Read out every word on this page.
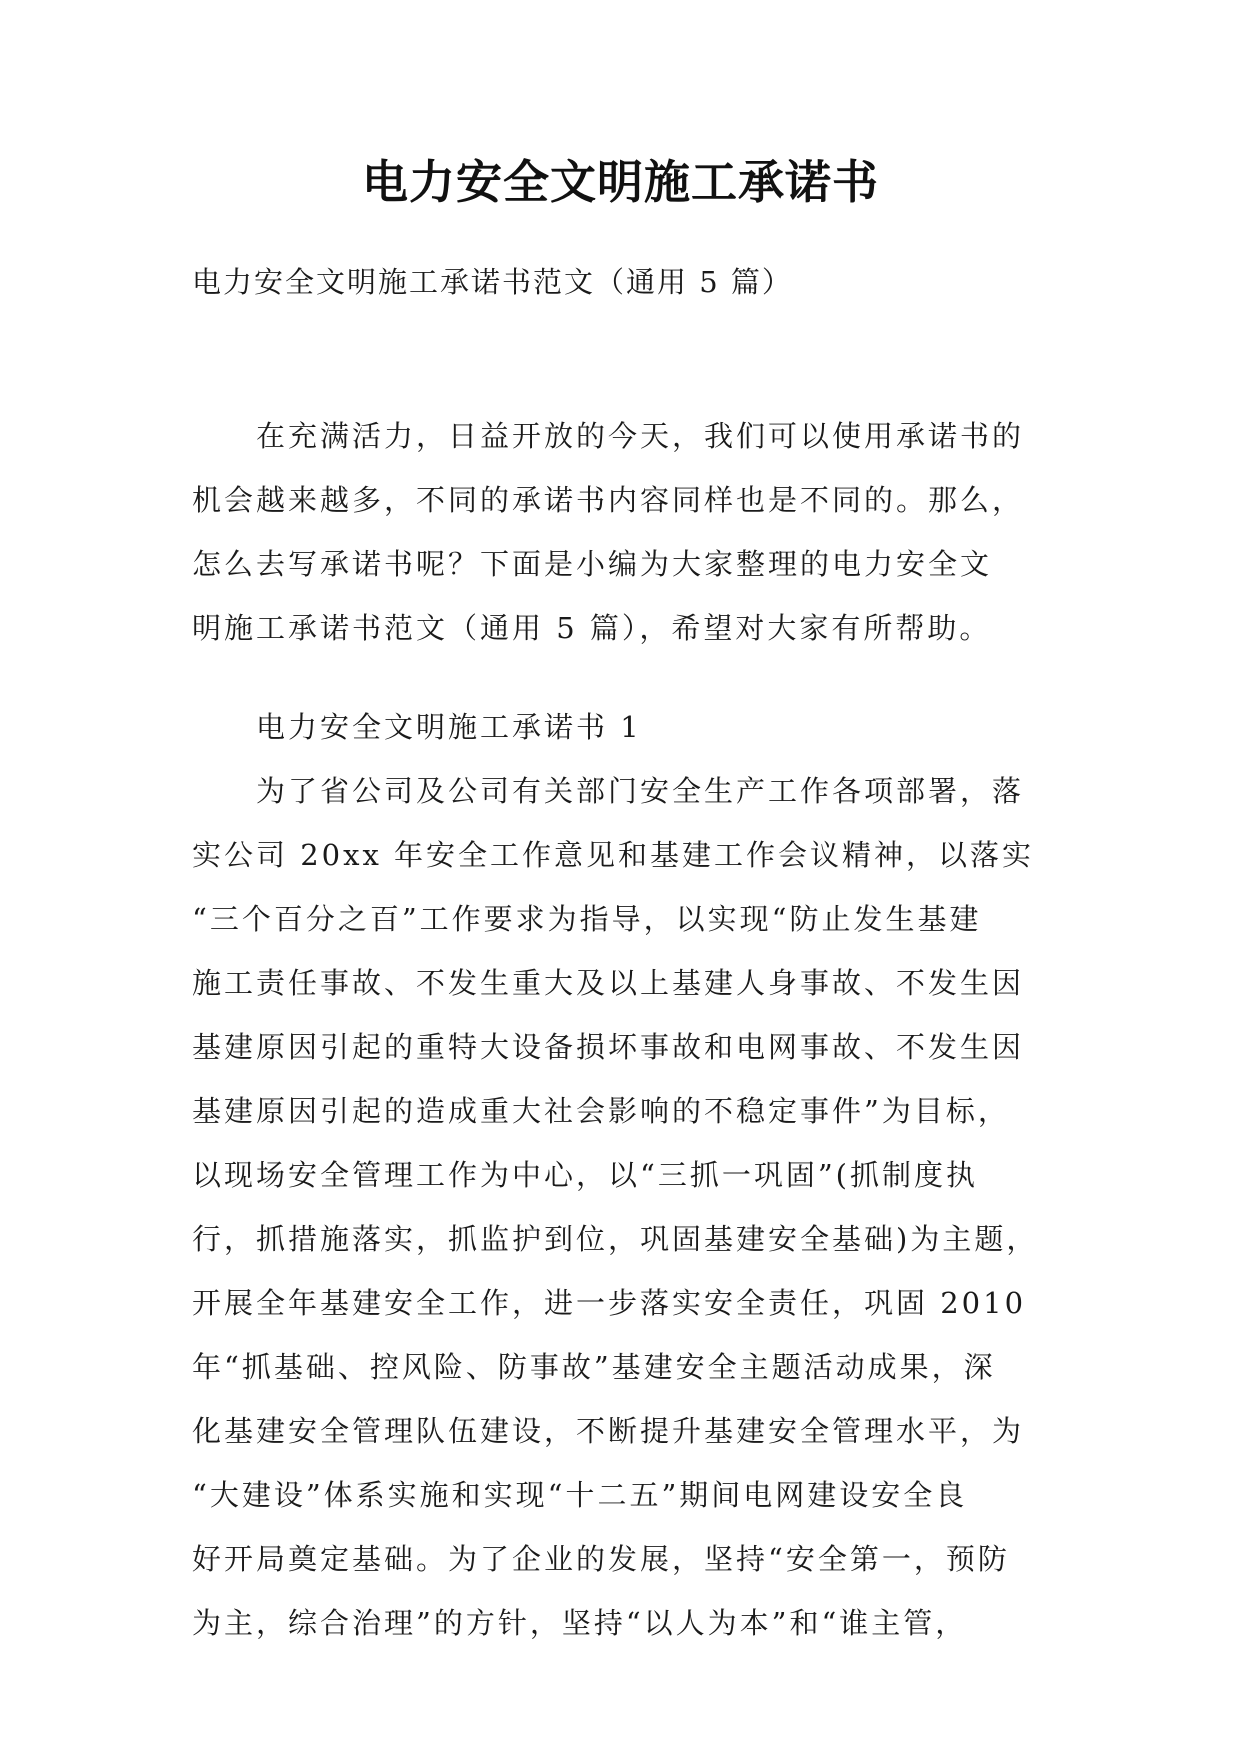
电力安全文明施工承诺书

电力安全文明施工承诺书范文（通用 5 篇）

在充满活力，日益开放的今天，我们可以使用承诺书的
机会越来越多，不同的承诺书内容同样也是不同的。那么，
怎么去写承诺书呢？下面是小编为大家整理的电力安全文
明施工承诺书范文（通用 5 篇），希望对大家有所帮助。
电力安全文明施工承诺书 1
为了省公司及公司有关部门安全生产工作各项部署，落
实公司 20xx 年安全工作意见和基建工作会议精神，以落实
“三个百分之百”工作要求为指导，以实现“防止发生基建
施工责任事故、不发生重大及以上基建人身事故、不发生因
基建原因引起的重特大设备损坏事故和电网事故、不发生因
基建原因引起的造成重大社会影响的不稳定事件”为目标，
以现场安全管理工作为中心，以“三抓一巩固”(抓制度执
行，抓措施落实，抓监护到位，巩固基建安全基础)为主题，
开展全年基建安全工作，进一步落实安全责任，巩固 2010
年“抓基础、控风险、防事故”基建安全主题活动成果，深
化基建安全管理队伍建设，不断提升基建安全管理水平，为
“大建设”体系实施和实现“十二五”期间电网建设安全良
好开局奠定基础。为了企业的发展，坚持“安全第一，预防
为主，综合治理”的方针，坚持“以人为本”和“谁主管，
